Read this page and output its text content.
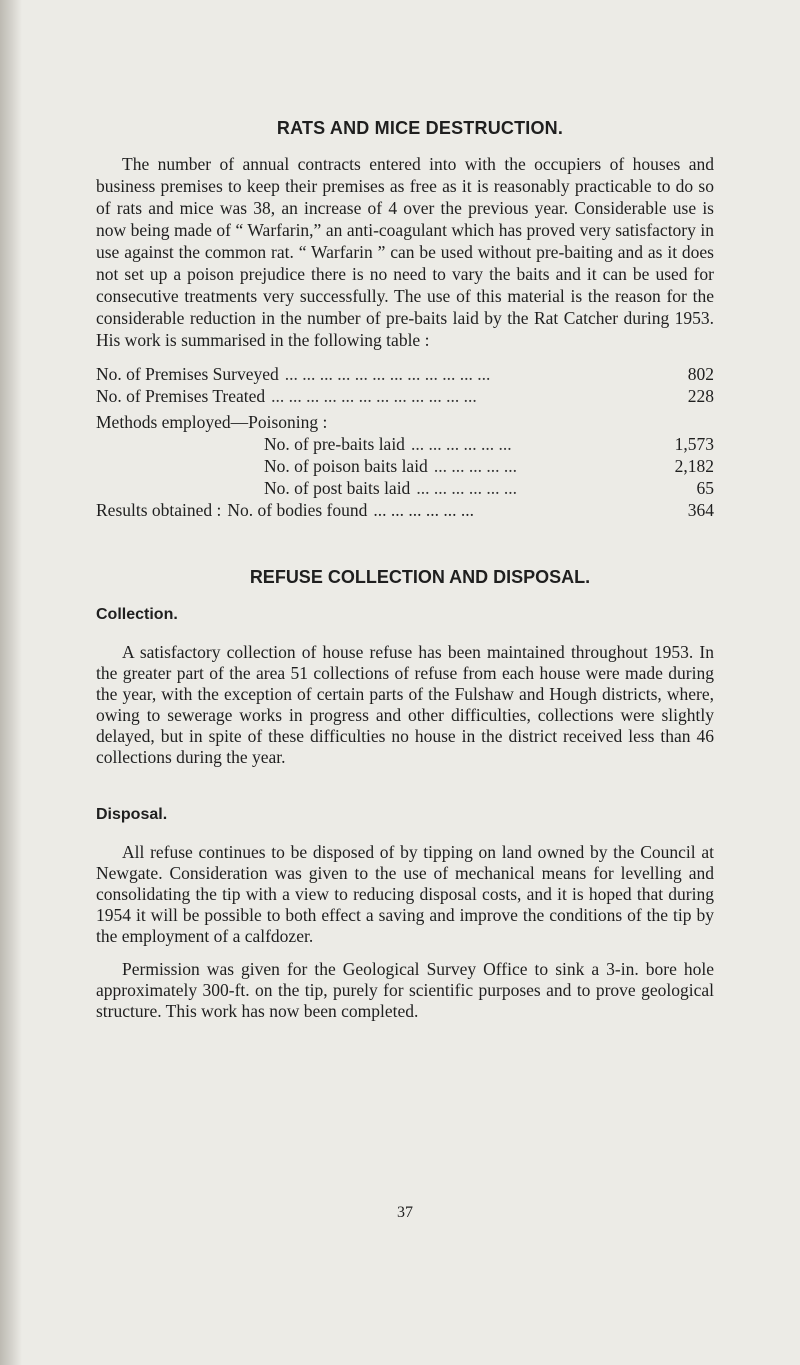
RATS AND MICE DESTRUCTION.

The number of annual contracts entered into with the occupiers of houses and business premises to keep their premises as free as it is reasonably practicable to do so of rats and mice was 38, an increase of 4 over the previous year. Considerable use is now being made of “ Warfarin,” an anti-coagulant which has proved very satisfactory in use against the common rat. “ Warfarin ” can be used without pre-baiting and as it does not set up a poison prejudice there is no need to vary the baits and it can be used for consecutive treatments very successfully. The use of this material is the reason for the considerable reduction in the number of pre-baits laid by the Rat Catcher during 1953. His work is summarised in the following table :

No. of Premises Surveyed ... ... ... ... ... ... ... ... ... ... ... ...	802
No. of Premises Treated ... ... ... ... ... ... ... ... ... ... ... ...	228
Methods employed—Poisoning :
No. of pre-baits laid ... ... ... ... ... ...	1,573
No. of poison baits laid ... ... ... ... ...	2,182
No. of post baits laid ... ... ... ... ... ...	65
Results obtained : No. of bodies found ... ... ... ... ... ...	364
REFUSE COLLECTION AND DISPOSAL.
Collection.

A satisfactory collection of house refuse has been maintained throughout 1953. In the greater part of the area 51 collections of refuse from each house were made during the year, with the exception of certain parts of the Fulshaw and Hough districts, where, owing to sewerage works in progress and other difficulties, collections were slightly delayed, but in spite of these difficulties no house in the district received less than 46 collections during the year.

Disposal.

All refuse continues to be disposed of by tipping on land owned by the Council at Newgate. Consideration was given to the use of mechanical means for levelling and consolidating the tip with a view to reducing disposal costs, and it is hoped that during 1954 it will be possible to both effect a saving and improve the conditions of the tip by the employment of a calfdozer.

Permission was given for the Geological Survey Office to sink a 3-in. bore hole approximately 300-ft. on the tip, purely for scientific purposes and to prove geological structure. This work has now been completed.

37
